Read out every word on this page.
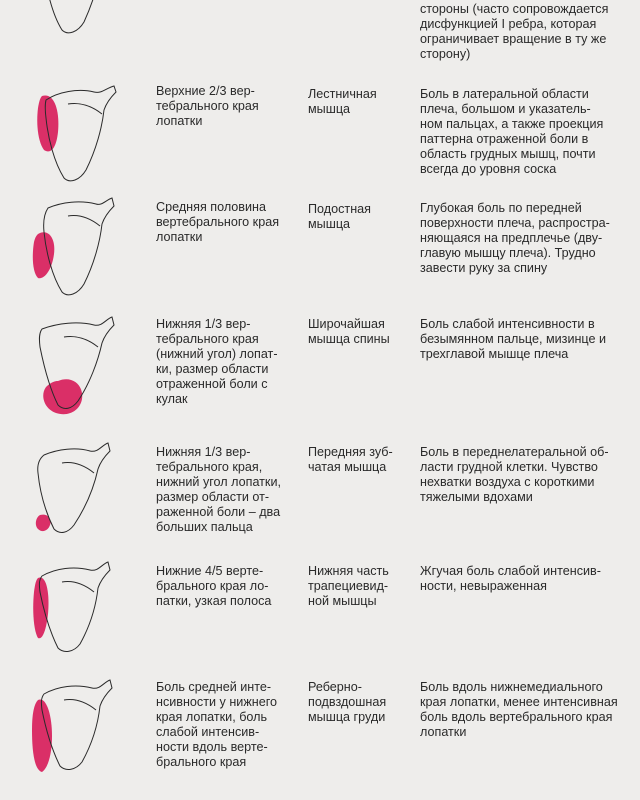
стороны (часто сопровождается
дисфункцией I ребра, которая
ограничивает вращение в ту же
сторону)
Верхние 2/3 вер-
тебрального края
лопатки
Лестничная
мышца
Боль в латеральной области
плеча, большом и указатель-
ном пальцах, а также проекция
паттерна отраженной боли в
область грудных мышц, почти
всегда до уровня соска
Средняя половина
вертебрального края
лопатки
Подостная
мышца
Глубокая боль по передней
поверхности плеча, распростра-
няющаяся на предплечье (дву-
главую мышцу плеча). Трудно
завести руку за спину
Нижняя 1/3 вер-
тебрального края
(нижний угол) лопат-
ки, размер области
отраженной боли с
кулак
Широчайшая
мышца спины
Боль слабой интенсивности в
безымянном пальце, мизинце и
трехглавой мышце плеча
Нижняя 1/3 вер-
тебрального края,
нижний угол лопатки,
размер области от-
раженной боли – два
больших пальца
Передняя зуб-
чатая мышца
Боль в переднелатеральной об-
ласти грудной клетки. Чувство
нехватки воздуха с короткими
тяжелыми вдохами
Нижние 4/5 верте-
брального края ло-
патки, узкая полоса
Нижняя часть
трапециевид-
ной мышцы
Жгучая боль слабой интенсив-
ности, невыраженная
Боль средней инте-
нсивности у нижнего
края лопатки, боль
слабой интенсив-
ности вдоль верте-
брального края
Реберно-
подвздошная
мышца груди
Боль вдоль нижнемедиального
края лопатки, менее интенсивная
боль вдоль вертебрального края
лопатки
